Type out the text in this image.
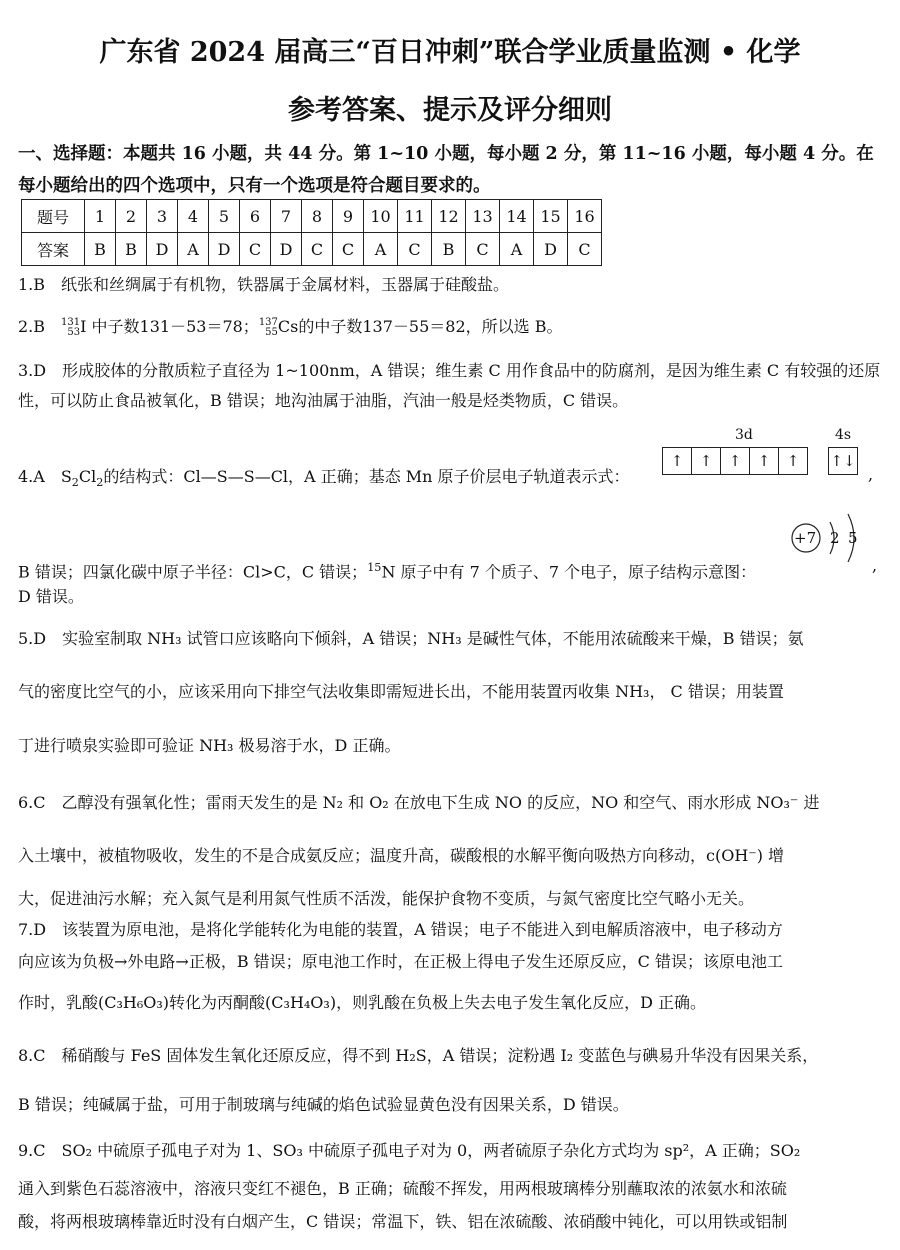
广东省 2024 届高三“百日冲刺”联合学业质量监测 • 化学
参考答案、提示及评分细则

一、选择题：本题共 16 小题，共 44 分。第 1~10 小题，每小题 2 分，第 11~16 小题，每小题 4 分。在每小题给出的四个选项中，只有一个选项是符合题目要求的。

题号	1	2	3	4	5	6	7	8	9	10	11	12	13	14	15	16
答案	B	B	D	A	D	C	D	C	C	A	C	B	C	A	D	C

1.B 纸张和丝绸属于有机物，铁器属于金属材料，玉器属于硅酸盐。

2.B 131
53I 中子数131－53＝78；137
55Cs的中子数137－55＝82，所以选 B。

3.D 形成胶体的分散质粒子直径为 1~100nm，A 错误；维生素 C 用作食品中的防腐剂，是因为维生素 C 有较强的还原性，可以防止食品被氧化，B 错误；地沟油属于油脂，汽油一般是烃类物质，C 错误。

4.A $S_2Cl_2$的结构式：Cl—S—S—Cl，A 正确；基态 Mn 原子价层电子轨道表示式：

3d	4s
↑	↑	↑	↑	↑	↑↓
,

B 错误；四氯化碳中原子半径：Cl>C，C 错误；$^{15}$N 原子中有 7 个质子、7 个电子，原子结构示意图：

+7 2 5
,

D 错误。

5.D 实验室制取 NH₃ 试管口应该略向下倾斜，A 错误；NH₃ 是碱性气体，不能用浓硫酸来干燥，B 错误；氨

气的密度比空气的小，应该采用向下排空气法收集即需短进长出，不能用装置丙收集 NH₃， C 错误；用装置

丁进行喷泉实验即可验证 NH₃ 极易溶于水，D 正确。

6.C 乙醇没有强氧化性；雷雨天发生的是 N₂ 和 O₂ 在放电下生成 NO 的反应，NO 和空气、雨水形成 NO₃⁻ 进

入土壤中，被植物吸收，发生的不是合成氨反应；温度升高，碳酸根的水解平衡向吸热方向移动，c(OH⁻) 增

大，促进油污水解；充入氮气是利用氮气性质不活泼，能保护食物不变质，与氮气密度比空气略小无关。

7.D 该装置为原电池，是将化学能转化为电能的装置，A 错误；电子不能进入到电解质溶液中，电子移动方

向应该为负极→外电路→正极，B 错误；原电池工作时，在正极上得电子发生还原反应，C 错误；该原电池工

作时，乳酸(C₃H₆O₃)转化为丙酮酸(C₃H₄O₃)，则乳酸在负极上失去电子发生氧化反应，D 正确。

8.C 稀硝酸与 FeS 固体发生氧化还原反应，得不到 H₂S，A 错误；淀粉遇 I₂ 变蓝色与碘易升华没有因果关系，

B 错误；纯碱属于盐，可用于制玻璃与纯碱的焰色试验显黄色没有因果关系，D 错误。

9.C SO₂ 中硫原子孤电子对为 1、SO₃ 中硫原子孤电子对为 0，两者硫原子杂化方式均为 sp²，A 正确；SO₂

通入到紫色石蕊溶液中，溶液只变红不褪色，B 正确；硫酸不挥发，用两根玻璃棒分别蘸取浓的浓氨水和浓硫

酸，将两根玻璃棒靠近时没有白烟产生，C 错误；常温下，铁、铝在浓硫酸、浓硝酸中钝化，可以用铁或铝制
